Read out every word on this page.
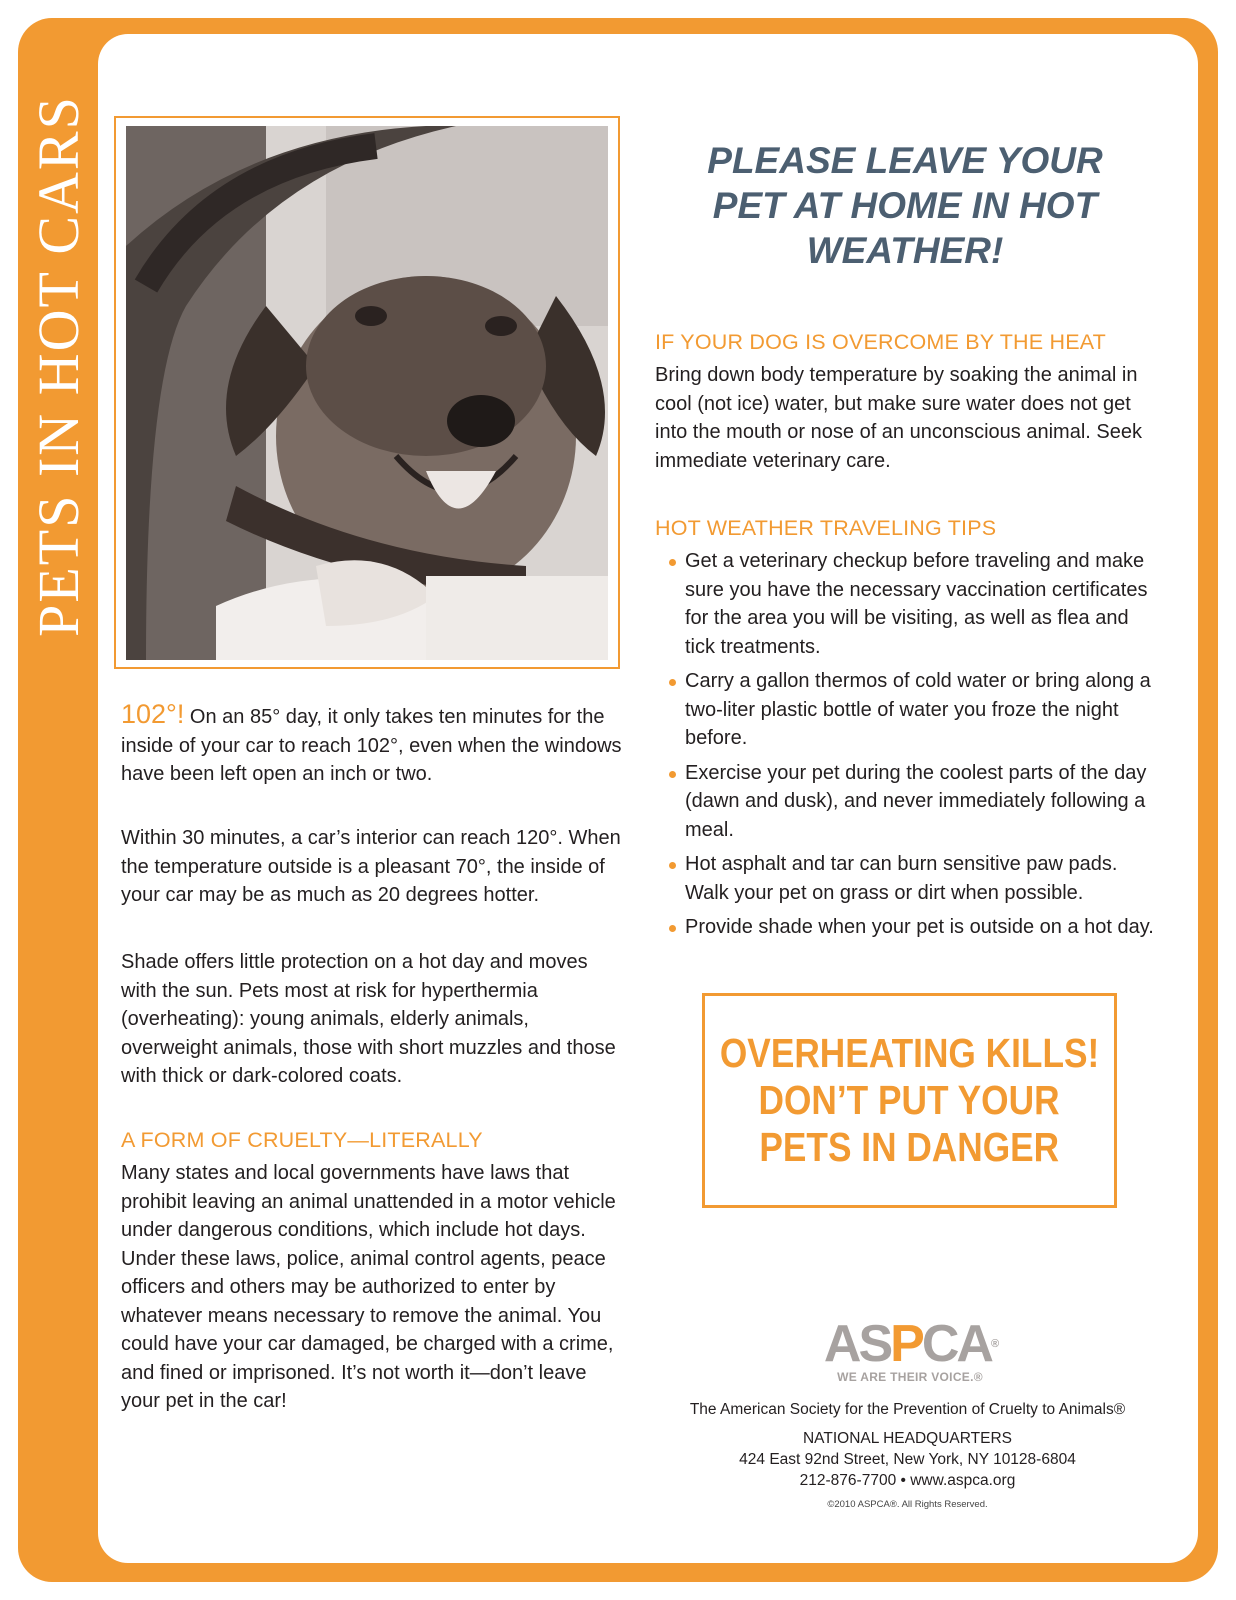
PETS IN HOT CARS
102°! On an 85° day, it only takes ten minutes for the inside of your car to reach 102°, even when the windows have been left open an inch or two.
Within 30 minutes, a car’s interior can reach 120°. When the temperature outside is a pleasant 70°, the inside of your car may be as much as 20 degrees hotter.
Shade offers little protection on a hot day and moves with the sun. Pets most at risk for hyperthermia (overheating): young animals, elderly animals, overweight animals, those with short muzzles and those with thick or dark-colored coats.
A FORM OF CRUELTY—LITERALLY
Many states and local governments have laws that prohibit leaving an animal unattended in a motor vehicle under dangerous conditions, which include hot days. Under these laws, police, animal control agents, peace officers and others may be authorized to enter by whatever means necessary to remove the animal. You could have your car damaged, be charged with a crime, and fined or imprisoned. It’s not worth it—don’t leave your pet in the car!
PLEASE LEAVE YOUR
PET AT HOME IN HOT
WEATHER!
IF YOUR DOG IS OVERCOME BY THE HEAT
Bring down body temperature by soaking the animal in cool (not ice) water, but make sure water does not get into the mouth or nose of an unconscious animal. Seek immediate veterinary care.
HOT WEATHER TRAVELING TIPS
Get a veterinary checkup before traveling and make sure you have the necessary vaccination certificates for the area you will be visiting, as well as flea and tick treatments.
Carry a gallon thermos of cold water or bring along a two-liter plastic bottle of water you froze the night before.
Exercise your pet during the coolest parts of the day (dawn and dusk), and never immediately following a meal.
Hot asphalt and tar can burn sensitive paw pads. Walk your pet on grass or dirt when possible.
Provide shade when your pet is outside on a hot day.
OVERHEATING KILLS!
DON’T PUT YOUR
PETS IN DANGER
ASPCA®
WE ARE THEIR VOICE.®
The American Society for the Prevention of Cruelty to Animals®
NATIONAL HEADQUARTERS
424 East 92nd Street, New York, NY 10128-6804
212-876-7700 • www.aspca.org
©2010 ASPCA®. All Rights Reserved.
